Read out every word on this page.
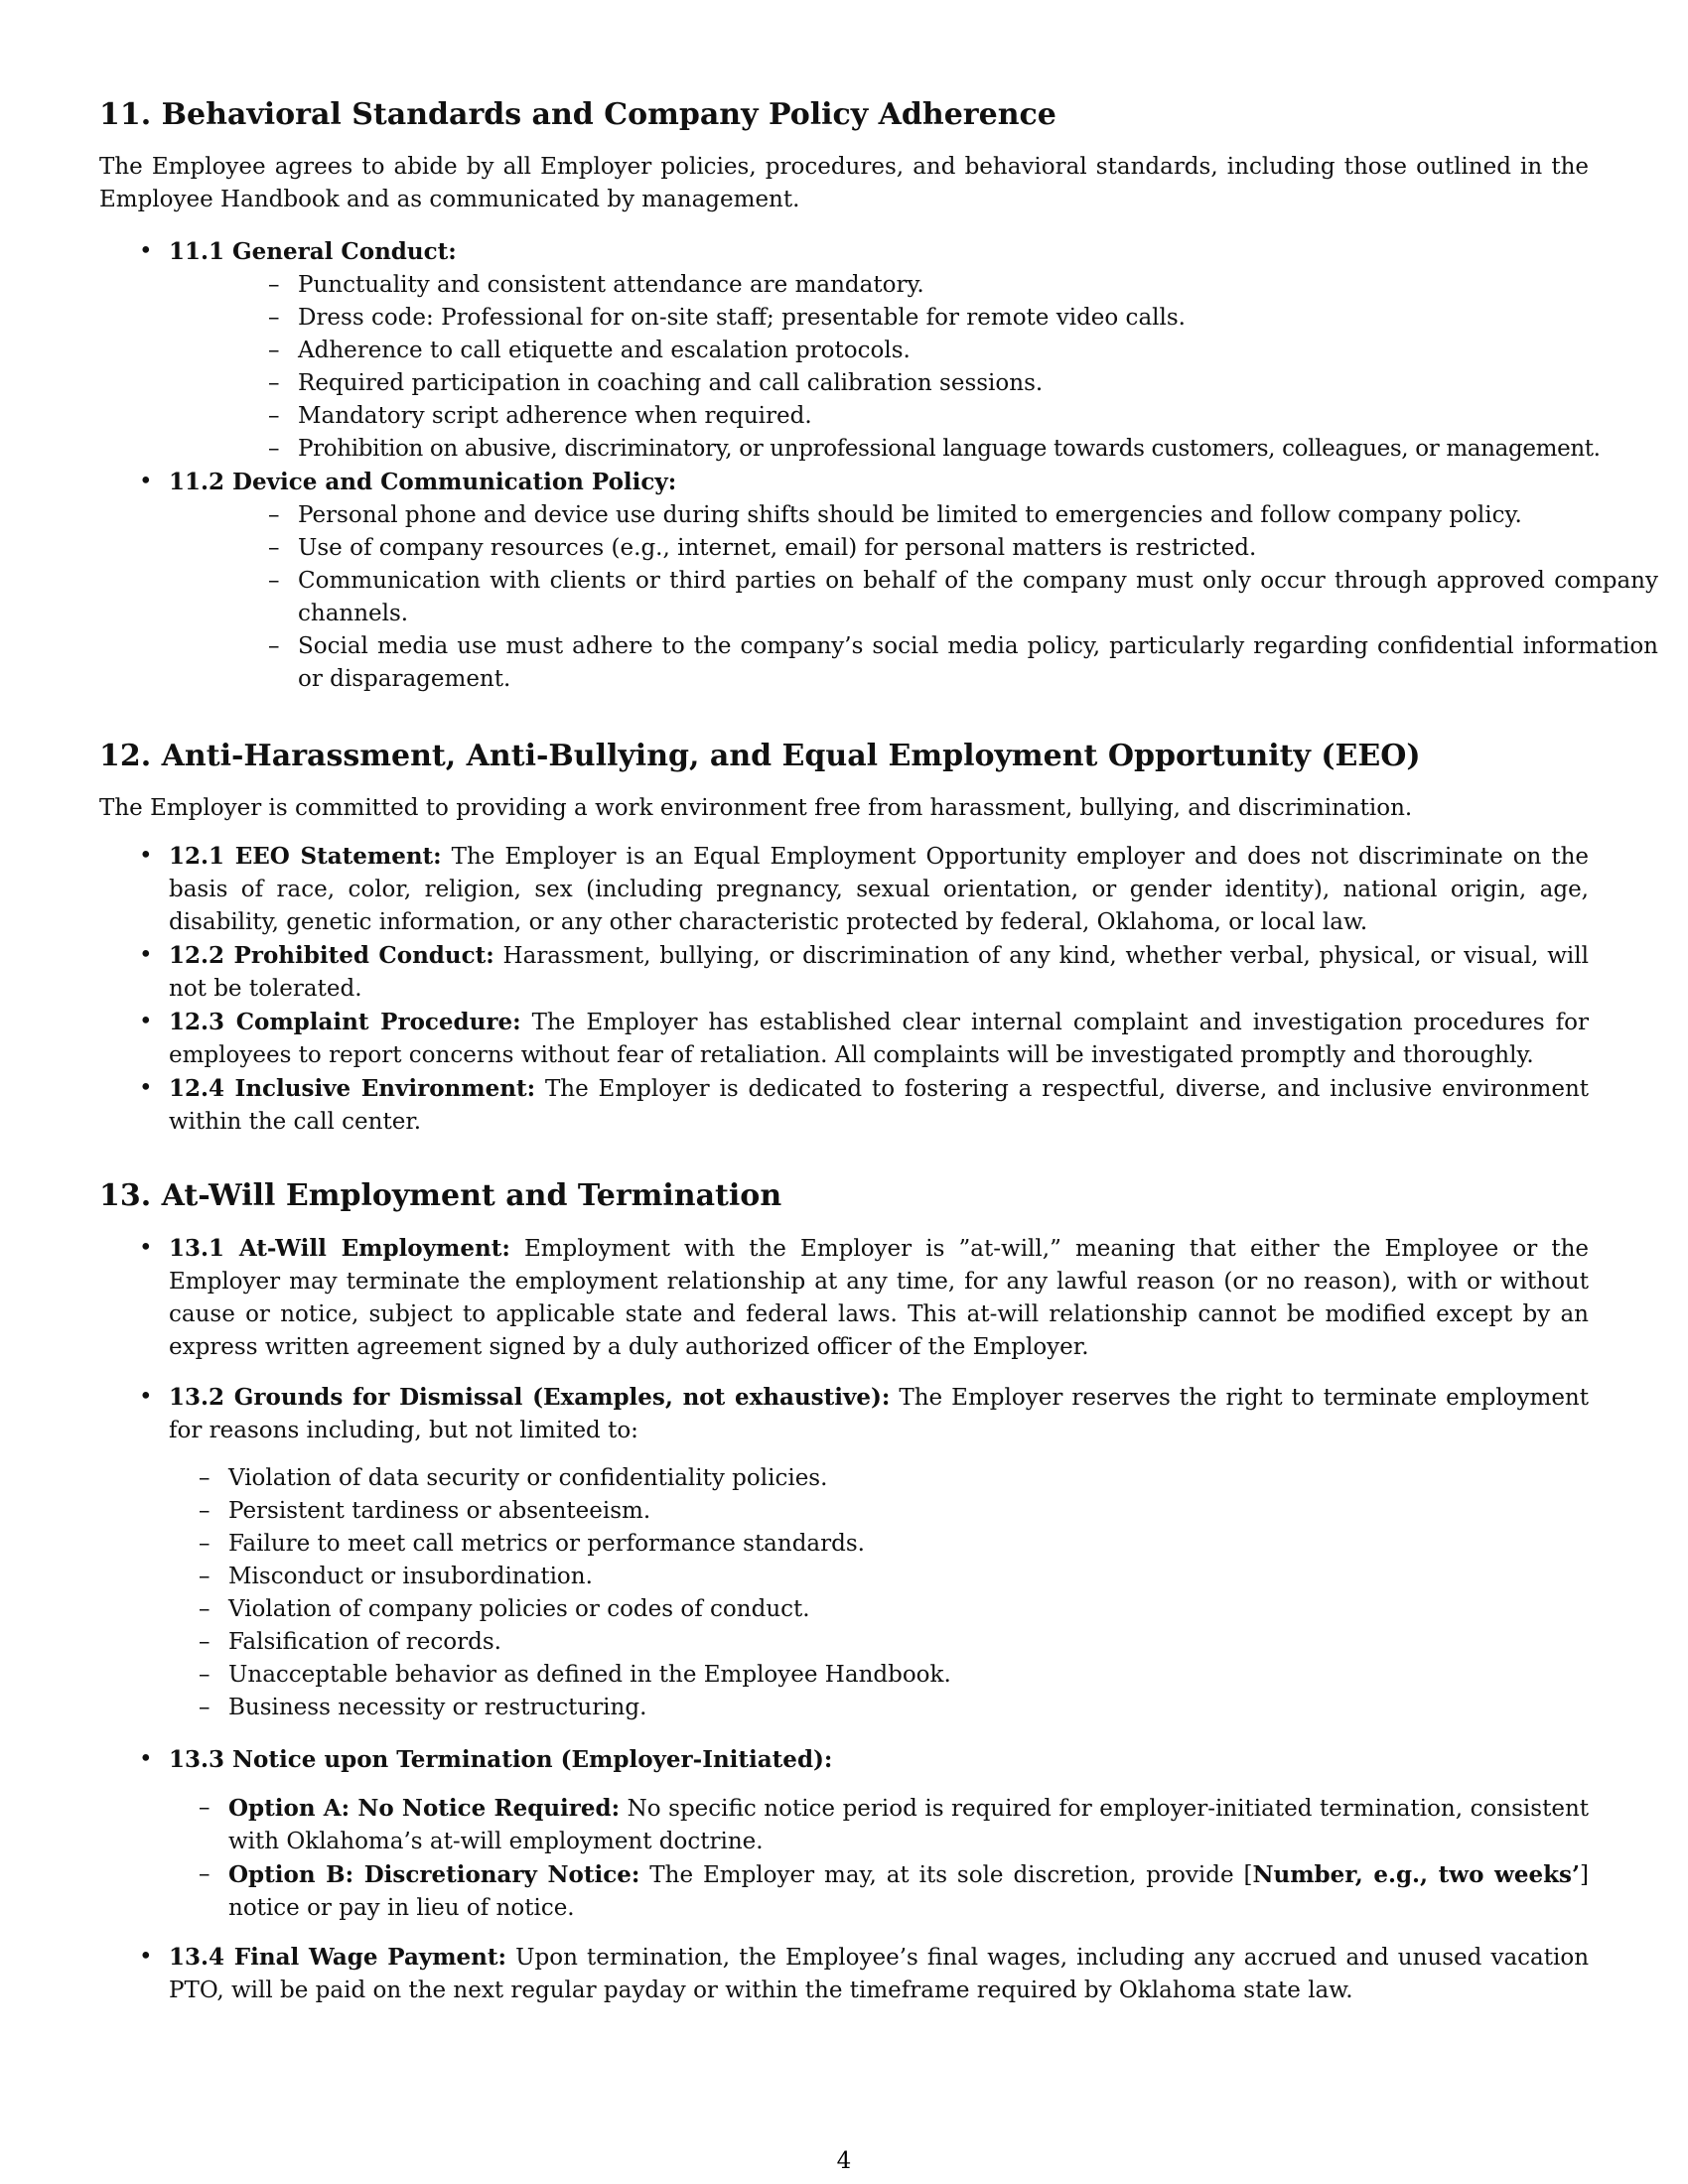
11. Behavioral Standards and Company Policy Adherence

The Employee agrees to abide by all Employer policies, procedures, and behavioral standards, including those outlined in the Employee Handbook and as communicated by management.

• 11.1 General Conduct:
– Punctuality and consistent attendance are mandatory.
– Dress code: Professional for on-site staff; presentable for remote video calls.
– Adherence to call etiquette and escalation protocols.
– Required participation in coaching and call calibration sessions.
– Mandatory script adherence when required.
– Prohibition on abusive, discriminatory, or unprofessional language towards customers, colleagues, or management.
• 11.2 Device and Communication Policy:
– Personal phone and device use during shifts should be limited to emergencies and follow company policy.
– Use of company resources (e.g., internet, email) for personal matters is restricted.
– Communication with clients or third parties on behalf of the company must only occur through approved company channels.
– Social media use must adhere to the company’s social media policy, particularly regarding confidential information or disparagement.
12. Anti-Harassment, Anti-Bullying, and Equal Employment Opportunity (EEO)

The Employer is committed to providing a work environment free from harassment, bullying, and discrimination.

• 12.1 EEO Statement: The Employer is an Equal Employment Opportunity employer and does not discriminate on the basis of race, color, religion, sex (including pregnancy, sexual orientation, or gender identity), national origin, age, disability, genetic information, or any other characteristic protected by federal, Oklahoma, or local law.
• 12.2 Prohibited Conduct: Harassment, bullying, or discrimination of any kind, whether verbal, physical, or visual, will not be tolerated.
• 12.3 Complaint Procedure: The Employer has established clear internal complaint and investigation procedures for employees to report concerns without fear of retaliation. All complaints will be investigated promptly and thoroughly.
• 12.4 Inclusive Environment: The Employer is dedicated to fostering a respectful, diverse, and inclusive environment within the call center.
13. At-Will Employment and Termination
• 13.1 At-Will Employment: Employment with the Employer is ”at-will,” meaning that either the Employee or the Employer may terminate the employment relationship at any time, for any lawful reason (or no reason), with or without cause or notice, subject to applicable state and federal laws. This at-will relationship cannot be modified except by an express written agreement signed by a duly authorized officer of the Employer.
• 13.2 Grounds for Dismissal (Examples, not exhaustive): The Employer reserves the right to terminate employment for reasons including, but not limited to:
– Violation of data security or confidentiality policies.
– Persistent tardiness or absenteeism.
– Failure to meet call metrics or performance standards.
– Misconduct or insubordination.
– Violation of company policies or codes of conduct.
– Falsification of records.
– Unacceptable behavior as defined in the Employee Handbook.
– Business necessity or restructuring.
• 13.3 Notice upon Termination (Employer-Initiated):
– Option A: No Notice Required: No specific notice period is required for employer-initiated termination, consistent with Oklahoma’s at-will employment doctrine.
– Option B: Discretionary Notice: The Employer may, at its sole discretion, provide [Number, e.g., two weeks’] notice or pay in lieu of notice.
• 13.4 Final Wage Payment: Upon termination, the Employee’s final wages, including any accrued and unused vacation PTO, will be paid on the next regular payday or within the timeframe required by Oklahoma state law.
4
